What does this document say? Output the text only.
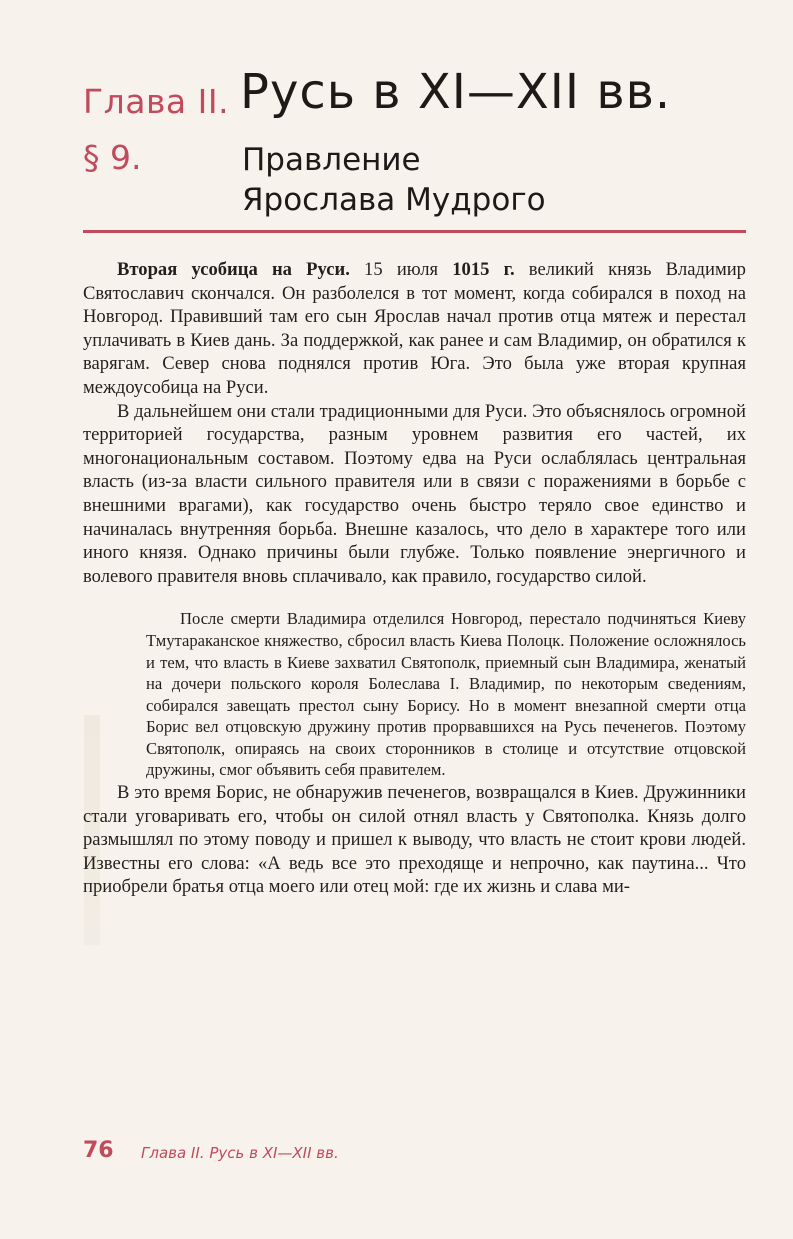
Глава II. Русь в XI—XII вв.
§ 9.	Правление
Ярослава Мудрого

Вторая усобица на Руси. 15 июля 1015 г. великий князь Владимир Святославич скончался. Он разболелся в тот момент, когда собирался в поход на Новгород. Правивший там его сын Ярослав начал против отца мятеж и перестал уплачивать в Киев дань. За поддержкой, как ранее и сам Владимир, он обратился к варягам. Север снова поднялся против Юга. Это была уже вторая крупная междоусобица на Руси.

В дальнейшем они стали традиционными для Руси. Это объяснялось огромной территорией государства, разным уровнем развития его частей, их многонациональным составом. Поэтому едва на Руси ослаблялась центральная власть (из-за власти сильного правителя или в связи с поражениями в борьбе с внешними врагами), как государство очень быстро теряло свое единство и начиналась внутренняя борьба. Внешне казалось, что дело в характере того или иного князя. Однако причины были глубже. Только появление энергичного и волевого правителя вновь сплачивало, как правило, государство силой.

После смерти Владимира отделился Новгород, перестало подчиняться Киеву Тмутараканское княжество, сбросил власть Киева Полоцк. Положение осложнялось и тем, что власть в Киеве захватил Святополк, приемный сын Владимира, женатый на дочери польского короля Болеслава I. Владимир, по некоторым сведениям, собирался завещать престол сыну Борису. Но в момент внезапной смерти отца Борис вел отцовскую дружину против прорвавшихся на Русь печенегов. Поэтому Святополк, опираясь на своих сторонников в столице и отсутствие отцовской дружины, смог объявить себя правителем.

В это время Борис, не обнаружив печенегов, возвращался в Киев. Дружинники стали уговаривать его, чтобы он силой отнял власть у Святополка. Князь долго размышлял по этому поводу и пришел к выводу, что власть не стоит крови людей. Известны его слова: «А ведь все это преходяще и непрочно, как паутина... Что приобрели братья отца моего или отец мой: где их жизнь и слава ми-

76 Глава II. Русь в XI—XII вв.
